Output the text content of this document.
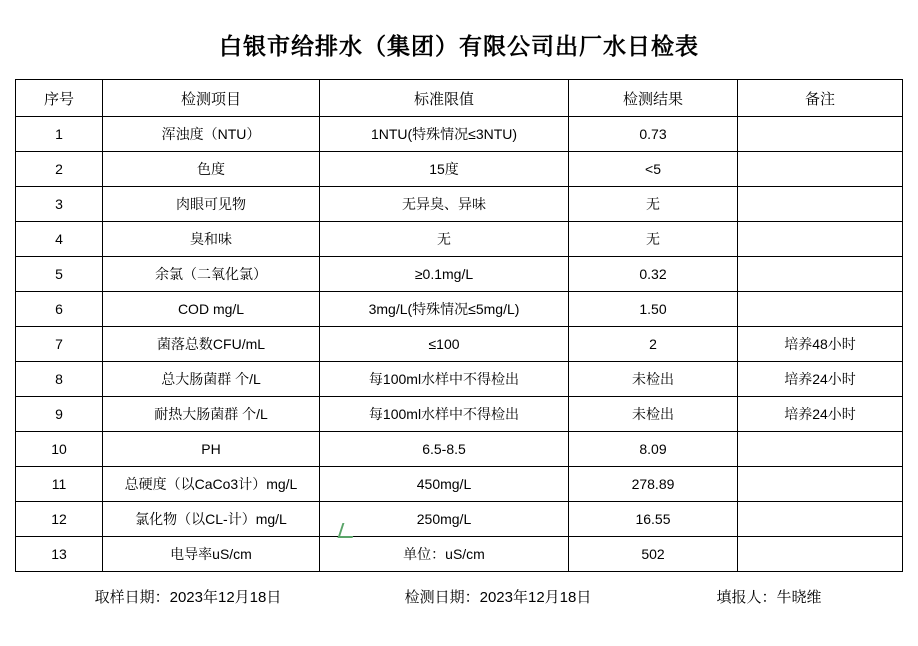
白银市给排水（集团）有限公司出厂水日检表
序号	检测项目	标准限值	检测结果	备注
1	浑浊度（NTU）	1NTU(特殊情况≤3NTU)	0.73	
2	色度	15度	<5	
3	肉眼可见物	无异臭、异味	无	
4	臭和味	无	无	
5	余氯（二氧化氯）	≥0.1mg/L	0.32	
6	COD mg/L	3mg/L(特殊情况≤5mg/L)	1.50	
7	菌落总数CFU/mL	≤100	2	培养48小时
8	总大肠菌群 个/L	每100ml水样中不得检出	未检出	培养24小时
9	耐热大肠菌群 个/L	每100ml水样中不得检出	未检出	培养24小时
10	PH	6.5-8.5	8.09	
11	总硬度（以CaCo3计）mg/L	450mg/L	278.89	
12	氯化物（以CL-计）mg/L	250mg/L	16.55	
13	电导率uS/cm	单位：uS/cm	502	
取样日期：2023年12月18日	检测日期：2023年12月18日	填报人：牛晓维
